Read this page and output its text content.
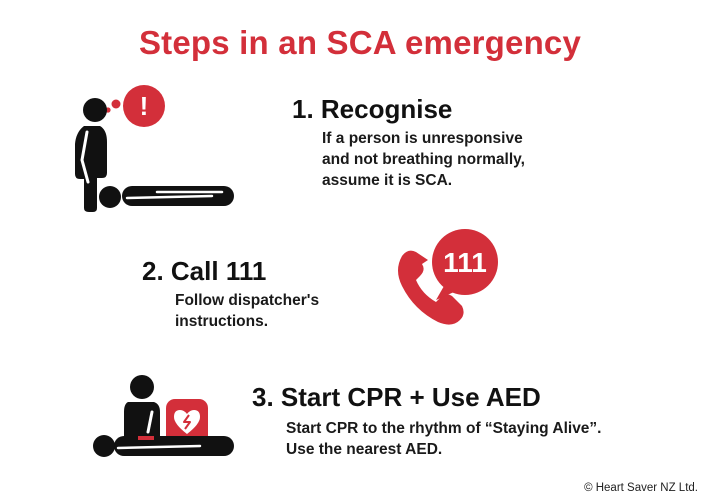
Steps in an SCA emergency
!	1. Recognise
If a person is unresponsive
and not breathing normally,
assume it is SCA.
2. Call 111
Follow dispatcher's
instructions.
111
3. Start CPR + Use AED
Start CPR to the rhythm of “Staying Alive”.
Use the nearest AED.
© Heart Saver NZ Ltd.
